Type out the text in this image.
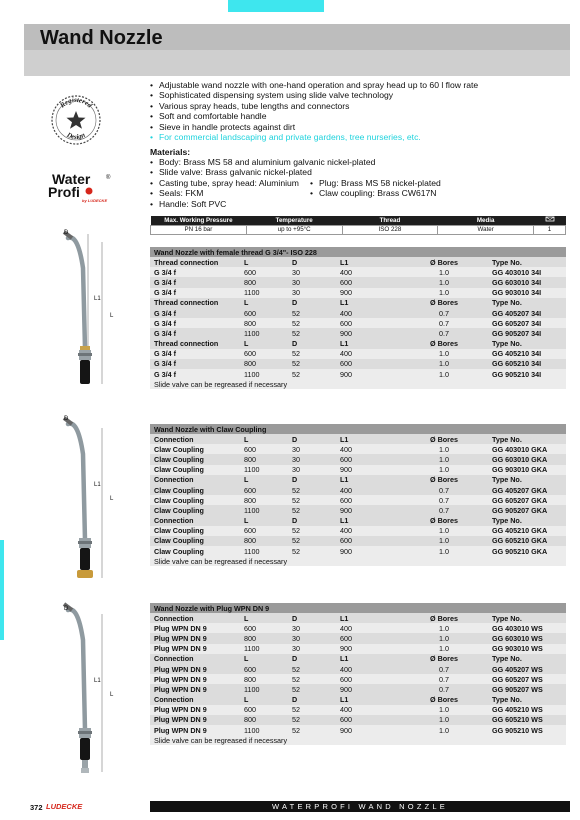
Wand Nozzle
Registered
Design
Water	®
Profi
by LUDECKE
• Adjustable wand nozzle with one-hand operation and spray head up to 60 l flow rate
• Sophisticated dispensing system using slide valve technology
• Various spray heads, tube lengths and connectors
• Soft and comfortable handle
• Sieve in handle protects against dirt
• For commercial landscaping and private gardens, tree nurseries, etc.
Materials:
• Body: Brass MS 58 and aluminium galvanic nickel-plated
• Slide valve: Brass galvanic nickel-plated
• Casting tube, spray head: Aluminium
• Seals: FKM
• Handle: Soft PVC
• Plug: Brass MS 58 nickel-plated
• Claw coupling: Brass CW617N
Max. Working Pressure	Temperature	Thread	Media	
PN 16 bar	up to +95°C	ISO 228	Water	1
Wand Nozzle with female thread G 3/4"- ISO 228					
Thread connection	L	D	L1	Ø Bores	Type No.
G 3/4 f	600	30	400	1.0	GG 403010 34I
G 3/4 f	800	30	600	1.0	GG 603010 34I
G 3/4 f	1100	30	900	1.0	GG 903010 34I
Thread connection	L	D	L1	Ø Bores	Type No.
G 3/4 f	600	52	400	0.7	GG 405207 34I
G 3/4 f	800	52	600	0.7	GG 605207 34I
G 3/4 f	1100	52	900	0.7	GG 905207 34I
Thread connection	L	D	L1	Ø Bores	Type No.
G 3/4 f	600	52	400	1.0	GG 405210 34I
G 3/4 f	800	52	600	1.0	GG 605210 34I
G 3/4 f	1100	52	900	1.0	GG 905210 34I
Slide valve can be regreased if necessary					
Wand Nozzle with Claw Coupling					
Connection	L	D	L1	Ø Bores	Type No.
Claw Coupling	600	30	400	1.0	GG 403010 GKA
Claw Coupling	800	30	600	1.0	GG 603010 GKA
Claw Coupling	1100	30	900	1.0	GG 903010 GKA
Connection	L	D	L1	Ø Bores	Type No.
Claw Coupling	600	52	400	0.7	GG 405207 GKA
Claw Coupling	800	52	600	0.7	GG 605207 GKA
Claw Coupling	1100	52	900	0.7	GG 905207 GKA
Connection	L	D	L1	Ø Bores	Type No.
Claw Coupling	600	52	400	1.0	GG 405210 GKA
Claw Coupling	800	52	600	1.0	GG 605210 GKA
Claw Coupling	1100	52	900	1.0	GG 905210 GKA
Slide valve can be regreased if necessary					
Wand Nozzle with Plug WPN DN 9					
Connection	L	D	L1	Ø Bores	Type No.
Plug WPN DN 9	600	30	400	1.0	GG 403010 WS
Plug WPN DN 9	800	30	600	1.0	GG 603010 WS
Plug WPN DN 9	1100	30	900	1.0	GG 903010 WS
Connection	L	D	L1	Ø Bores	Type No.
Plug WPN DN 9	600	52	400	0.7	GG 405207 WS
Plug WPN DN 9	800	52	600	0.7	GG 605207 WS
Plug WPN DN 9	1100	52	900	0.7	GG 905207 WS
Connection	L	D	L1	Ø Bores	Type No.
Plug WPN DN 9	600	52	400	1.0	GG 405210 WS
Plug WPN DN 9	800	52	600	1.0	GG 605210 WS
Plug WPN DN 9	1100	52	900	1.0	GG 905210 WS
Slide valve can be regreased if necessary					
D
L1
L
D
L1
L
D
L1
L
372 LUDECKE	WATERPROFI WAND NOZZLE
